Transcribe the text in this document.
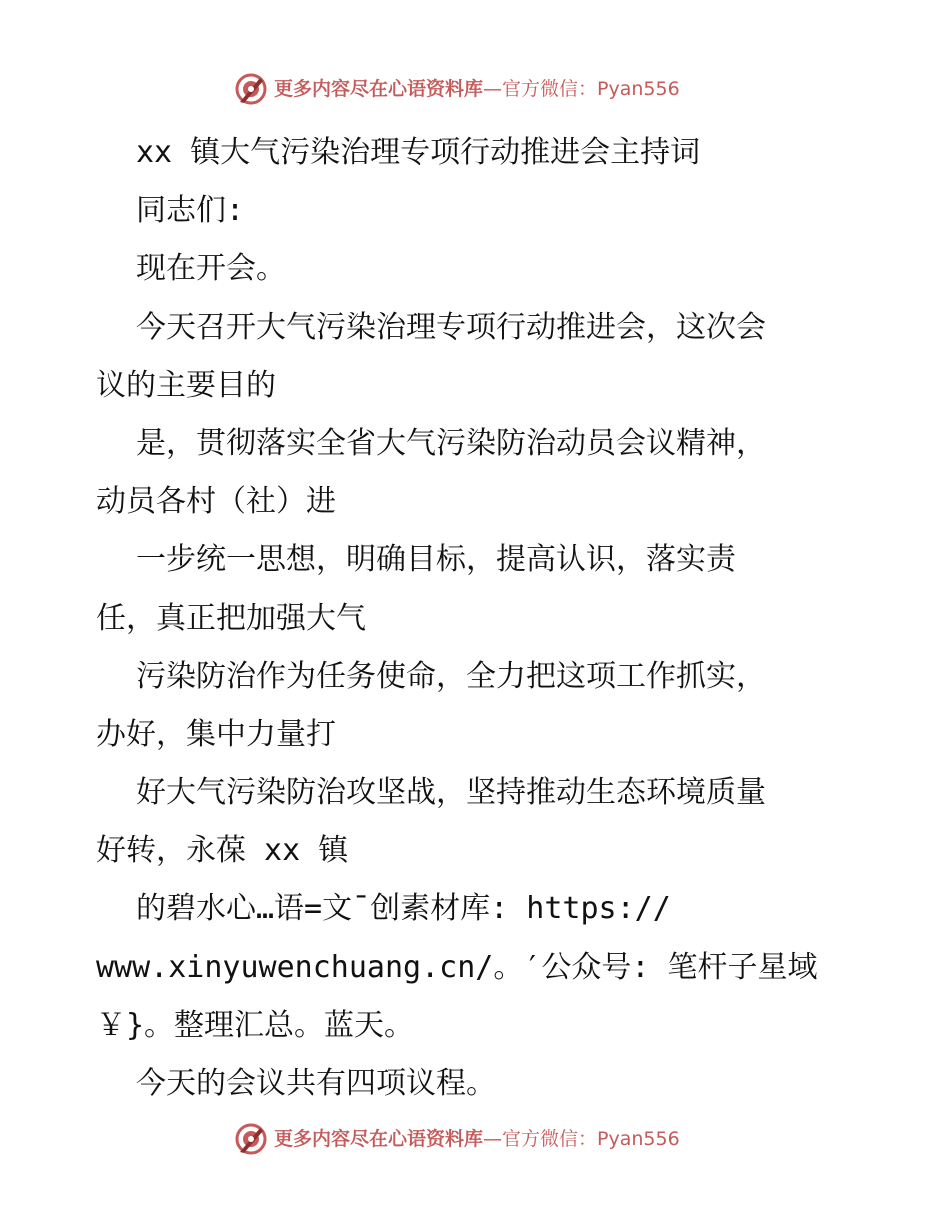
更多内容尽在心语资料库—官方微信：Pyan556
xx 镇大气污染治理专项行动推进会主持词
同志们:
现在开会。
今天召开大气污染治理专项行动推进会，这次会
议的主要目的
是，贯彻落实全省大气污染防治动员会议精神，
动员各村（社）进
一步统一思想，明确目标，提高认识，落实责
任，真正把加强大气
污染防治作为任务使命，全力把这项工作抓实，
办好，集中力量打
好大气污染防治攻坚战，坚持推动生态环境质量
好转，永葆 xx 镇
的碧水心…语=文¯创素材库: https://
www.xinyuwenchuang.cn/。′公众号: 笔杆子星域
￥}。整理汇总。蓝天。
今天的会议共有四项议程。
更多内容尽在心语资料库—官方微信：Pyan556
